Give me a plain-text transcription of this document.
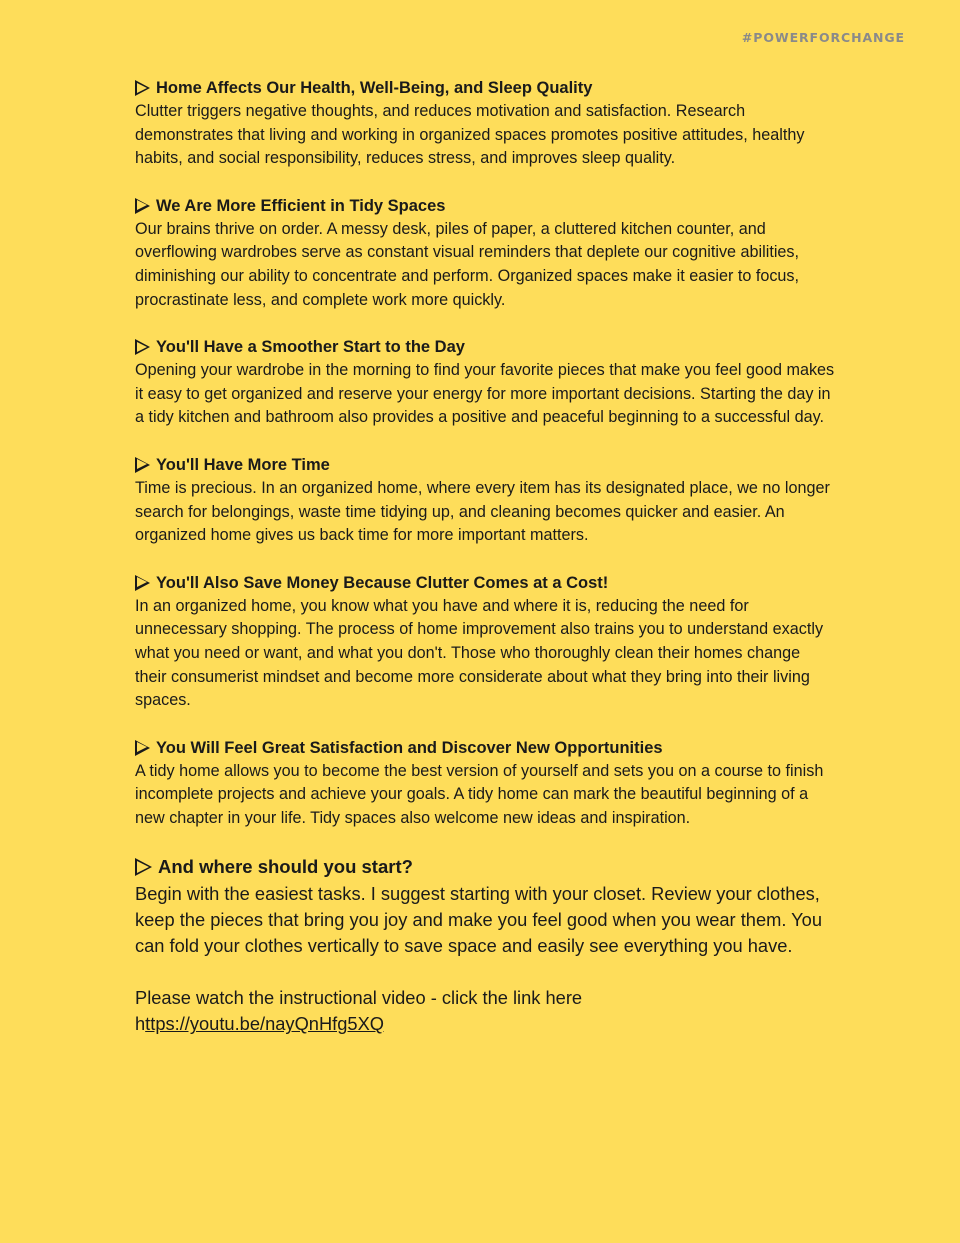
#POWERFORCHANGE
Home Affects Our Health, Well-Being, and Sleep Quality

Clutter triggers negative thoughts, and reduces motivation and satisfaction. Research demonstrates that living and working in organized spaces promotes positive attitudes, healthy habits, and social responsibility, reduces stress, and improves sleep quality.

We Are More Efficient in Tidy Spaces

Our brains thrive on order. A messy desk, piles of paper, a cluttered kitchen counter, and overflowing wardrobes serve as constant visual reminders that deplete our cognitive abilities, diminishing our ability to concentrate and perform. Organized spaces make it easier to focus, procrastinate less, and complete work more quickly.

You'll Have a Smoother Start to the Day

Opening your wardrobe in the morning to find your favorite pieces that make you feel good makes it easy to get organized and reserve your energy for more important decisions. Starting the day in a tidy kitchen and bathroom also provides a positive and peaceful beginning to a successful day.

You'll Have More Time

Time is precious. In an organized home, where every item has its designated place, we no longer search for belongings, waste time tidying up, and cleaning becomes quicker and easier. An organized home gives us back time for more important matters.

You'll Also Save Money Because Clutter Comes at a Cost!

In an organized home, you know what you have and where it is, reducing the need for unnecessary shopping. The process of home improvement also trains you to understand exactly what you need or want, and what you don't. Those who thoroughly clean their homes change their consumerist mindset and become more considerate about what they bring into their living spaces.

You Will Feel Great Satisfaction and Discover New Opportunities

A tidy home allows you to become the best version of yourself and sets you on a course to finish incomplete projects and achieve your goals. A tidy home can mark the beautiful beginning of a new chapter in your life. Tidy spaces also welcome new ideas and inspiration.

And where should you start?

Begin with the easiest tasks. I suggest starting with your closet. Review your clothes, keep the pieces that bring you joy and make you feel good when you wear them. You can fold your clothes vertically to save space and easily see everything you have.

Please watch the instructional video - click the link here
https://youtu.be/nayQnHfg5XQ
